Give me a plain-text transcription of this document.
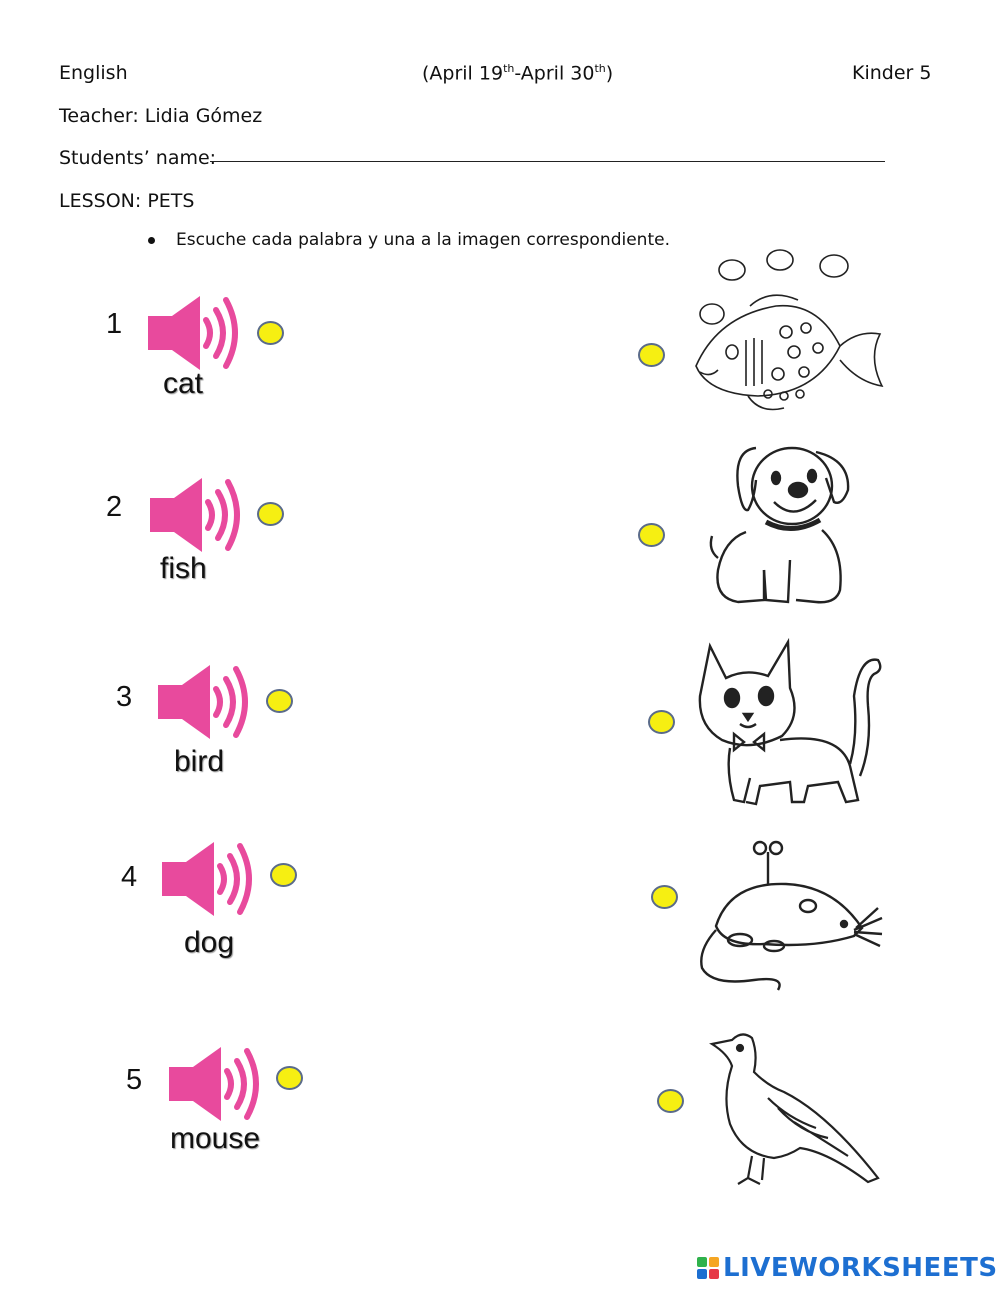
English	(April 19th-April 30th)	Kinder 5
Teacher: Lidia Gómez
Students’ name:
LESSON: PETS
Escuche cada palabra y una a la imagen correspondiente.
1
cat
2
fish
3
bird
4
dog
5
mouse
LIVEWORKSHEETS
